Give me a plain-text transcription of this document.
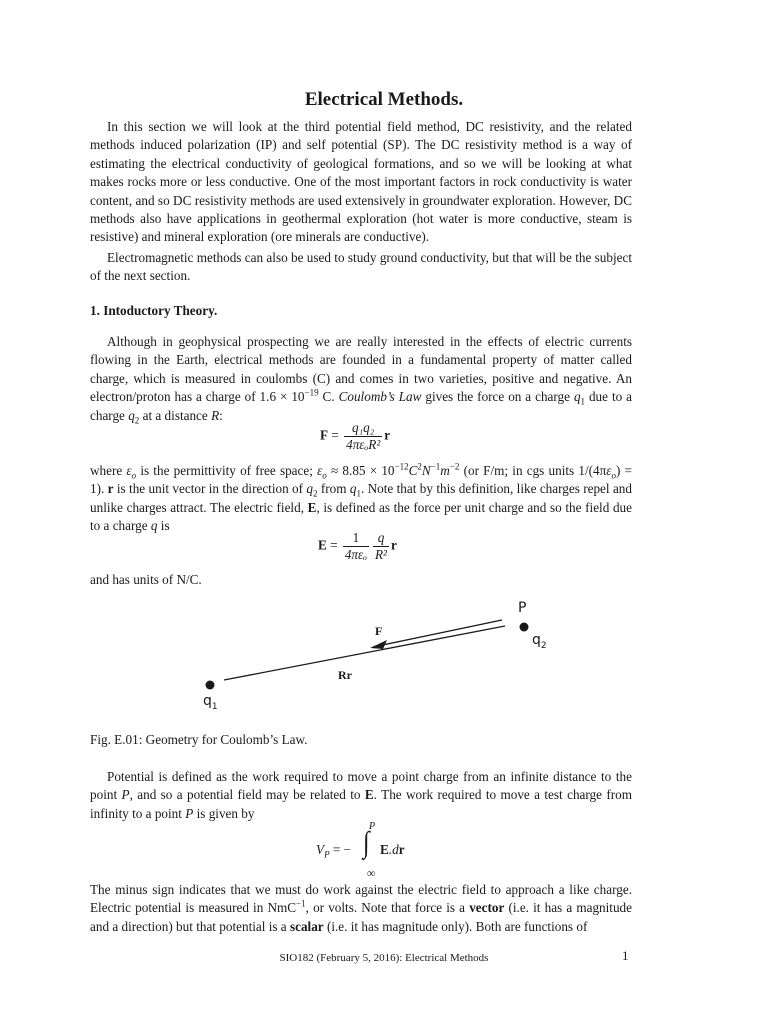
Electrical Methods.
In this section we will look at the third potential field method, DC resistivity, and the related methods induced polarization (IP) and self potential (SP). The DC resistivity method is a way of estimating the electrical conductivity of geological formations, and so we will be looking at what makes rocks more or less conductive. One of the most important factors in rock conductivity is water content, and so DC resistivity methods are used extensively in groundwater exploration. However, DC methods also have applications in geothermal exploration (hot water is more conductive, steam is resistive) and mineral exploration (ore minerals are conductive).
Electromagnetic methods can also be used to study ground conductivity, but that will be the subject of the next section.
1. Intoductory Theory.
Although in geophysical prospecting we are really interested in the effects of electric currents flowing in the Earth, electrical methods are founded in a fundamental property of matter called charge, which is measured in coulombs (C) and comes in two varieties, positive and negative. An electron/proton has a charge of $1.6 \times 10^{-19}$ C. Coulomb’s Law gives the force on a charge $q_1$ due to a charge $q_2$ at a distance R:
$F = \frac{\text{q₁q₂}}{\text{4πεₒR²}}$ r
where $\varepsilon_o$ is the permittivity of free space; $\varepsilon_o \approx 8.85 \times 10^{-12}C^2N^{-1}m^{-2}$ (or F/m; in cgs units $1/(4\pi\varepsilon_o) = 1$). r is the unit vector in the direction of $q_2$ from $q_1$. Note that by this definition, like charges repel and unlike charges attract. The electric field, E, is defined as the force per unit charge and so the field due to a charge q is
$E = \frac{1}{\text{4πεₒ}} \frac{q}{\text{R²}}$ r
and has units of N/C.
P
$q_2$
F
Rr
$q_1$
Fig. E.01: Geometry for Coulomb’s Law.
Potential is defined as the work required to move a point charge from an infinite distance to the point P, and so a potential field may be related to E. The work required to move a test charge from infinity to a point P is given by
$V_P$ = −
P
∫
∞
E.dr
The minus sign indicates that we must do work against the electric field to approach a like charge. Electric potential is measured in NmC$^{-1}$, or volts. Note that force is a vector (i.e. it has a magnitude and a direction) but that potential is a scalar (i.e. it has magnitude only). Both are functions of
SIO182 (February 5, 2016): Electrical Methods	1
